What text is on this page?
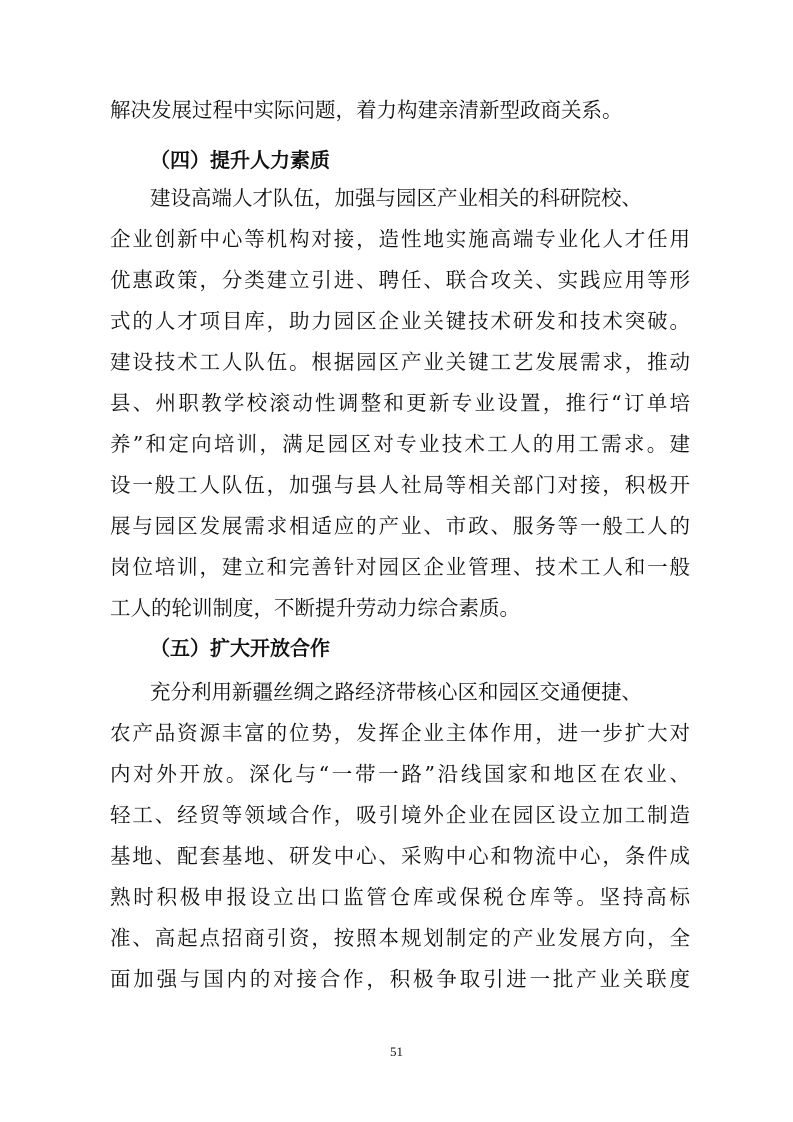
解决发展过程中实际问题，着力构建亲清新型政商关系。
（四）提升人力素质
建设高端人才队伍，加强与园区产业相关的科研院校、
企业创新中心等机构对接，造性地实施高端专业化人才任用
优惠政策，分类建立引进、聘任、联合攻关、实践应用等形
式的人才项目库，助力园区企业关键技术研发和技术突破。
建设技术工人队伍。根据园区产业关键工艺发展需求，推动
县、州职教学校滚动性调整和更新专业设置，推行“订单培
养”和定向培训，满足园区对专业技术工人的用工需求。建
设一般工人队伍，加强与县人社局等相关部门对接，积极开
展与园区发展需求相适应的产业、市政、服务等一般工人的
岗位培训，建立和完善针对园区企业管理、技术工人和一般
工人的轮训制度，不断提升劳动力综合素质。
（五）扩大开放合作
充分利用新疆丝绸之路经济带核心区和园区交通便捷、
农产品资源丰富的位势，发挥企业主体作用，进一步扩大对
内对外开放。深化与“一带一路”沿线国家和地区在农业、
轻工、经贸等领域合作，吸引境外企业在园区设立加工制造
基地、配套基地、研发中心、采购中心和物流中心，条件成
熟时积极申报设立出口监管仓库或保税仓库等。坚持高标
准、高起点招商引资，按照本规划制定的产业发展方向，全
面加强与国内的对接合作，积极争取引进一批产业关联度
51
